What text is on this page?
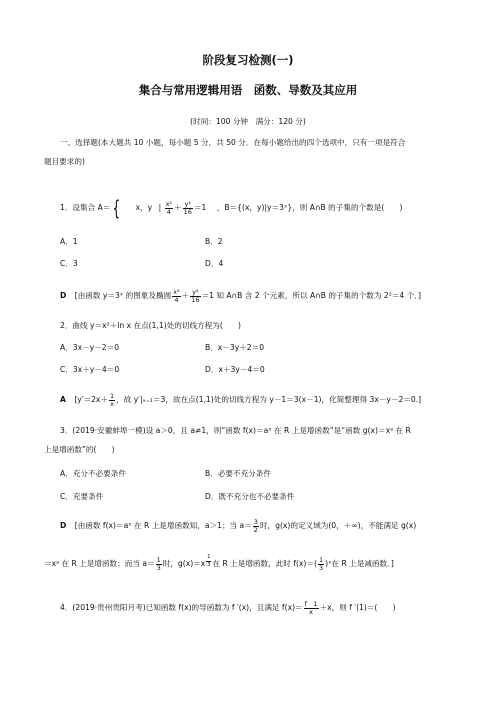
阶段复习检测(一)
集合与常用逻辑用语　函数、导数及其应用
(时间：100 分钟　满分：120 分)
一、选择题(本大题共 10 小题，每小题 5 分，共 50 分．在每小题给出的四个选项中，只有一项是符合
题目要求的)
1．设集合 A＝ { x，y | $\frac{\text{x²}}{4} + \frac{\text{y²}}{16} =1$ ，B＝{(x，y)|y＝3ˣ}，则 A∩B 的子集的个数是(　　)
A．1	B．2
C．3	D．4
D [由函数 y＝3ˣ 的图象及椭圆 $\frac{\text{x²}}{4} + \frac{\text{y²}}{16} =1$ 知 A∩B 含 2 个元素，所以 A∩B 的子集的个数为 2²＝4 个．]
2．曲线 y＝x²＋ln x 在点(1,1)处的切线方程为(　　)
A．3x－y－2＝0	B．x－3y＋2＝0
C．3x＋y－4＝0	D．x＋3y－4＝0
A [$y'=2x+ \frac{1}{x}$ ，故 y′|ₓ₌₁＝3，故在点(1,1)处的切线方程为 y－1＝3(x－1)，化简整理得 3x－y－2＝0.]
3．(2019·安徽蚌埠一模)设 a＞0，且 a≠1，则“函数 f(x)＝aˣ 在 R 上是增函数”是“函数 g(x)＝xᵃ 在 R
上是增函数”的(　　)
A．充分不必要条件	B．必要不充分条件
C．充要条件	D．既不充分也不必要条件
D [由函数 f(x)＝aˣ 在 R 上是增函数知，a＞1；当 $a= \frac{3}{2}$ 时，g(x)的定义域为(0，＋∞)，不能满足 g(x)
＝xᵃ 在 R 上是增函数；而当 $a= \frac{1}{3}$ 时，$g(x)=x \frac{1}{3}$ 在 R 上是增函数，此时 $f(x)=( \frac{1}{3}$ )ˣ在 R 上是减函数．]
4．(2019·贵州贵阳月考)已知函数 f(x)的导函数为 f ′(x)，且满足 $f(x)= \frac{f 1}{x} +x$，则 f ′(1)＝(　　)
